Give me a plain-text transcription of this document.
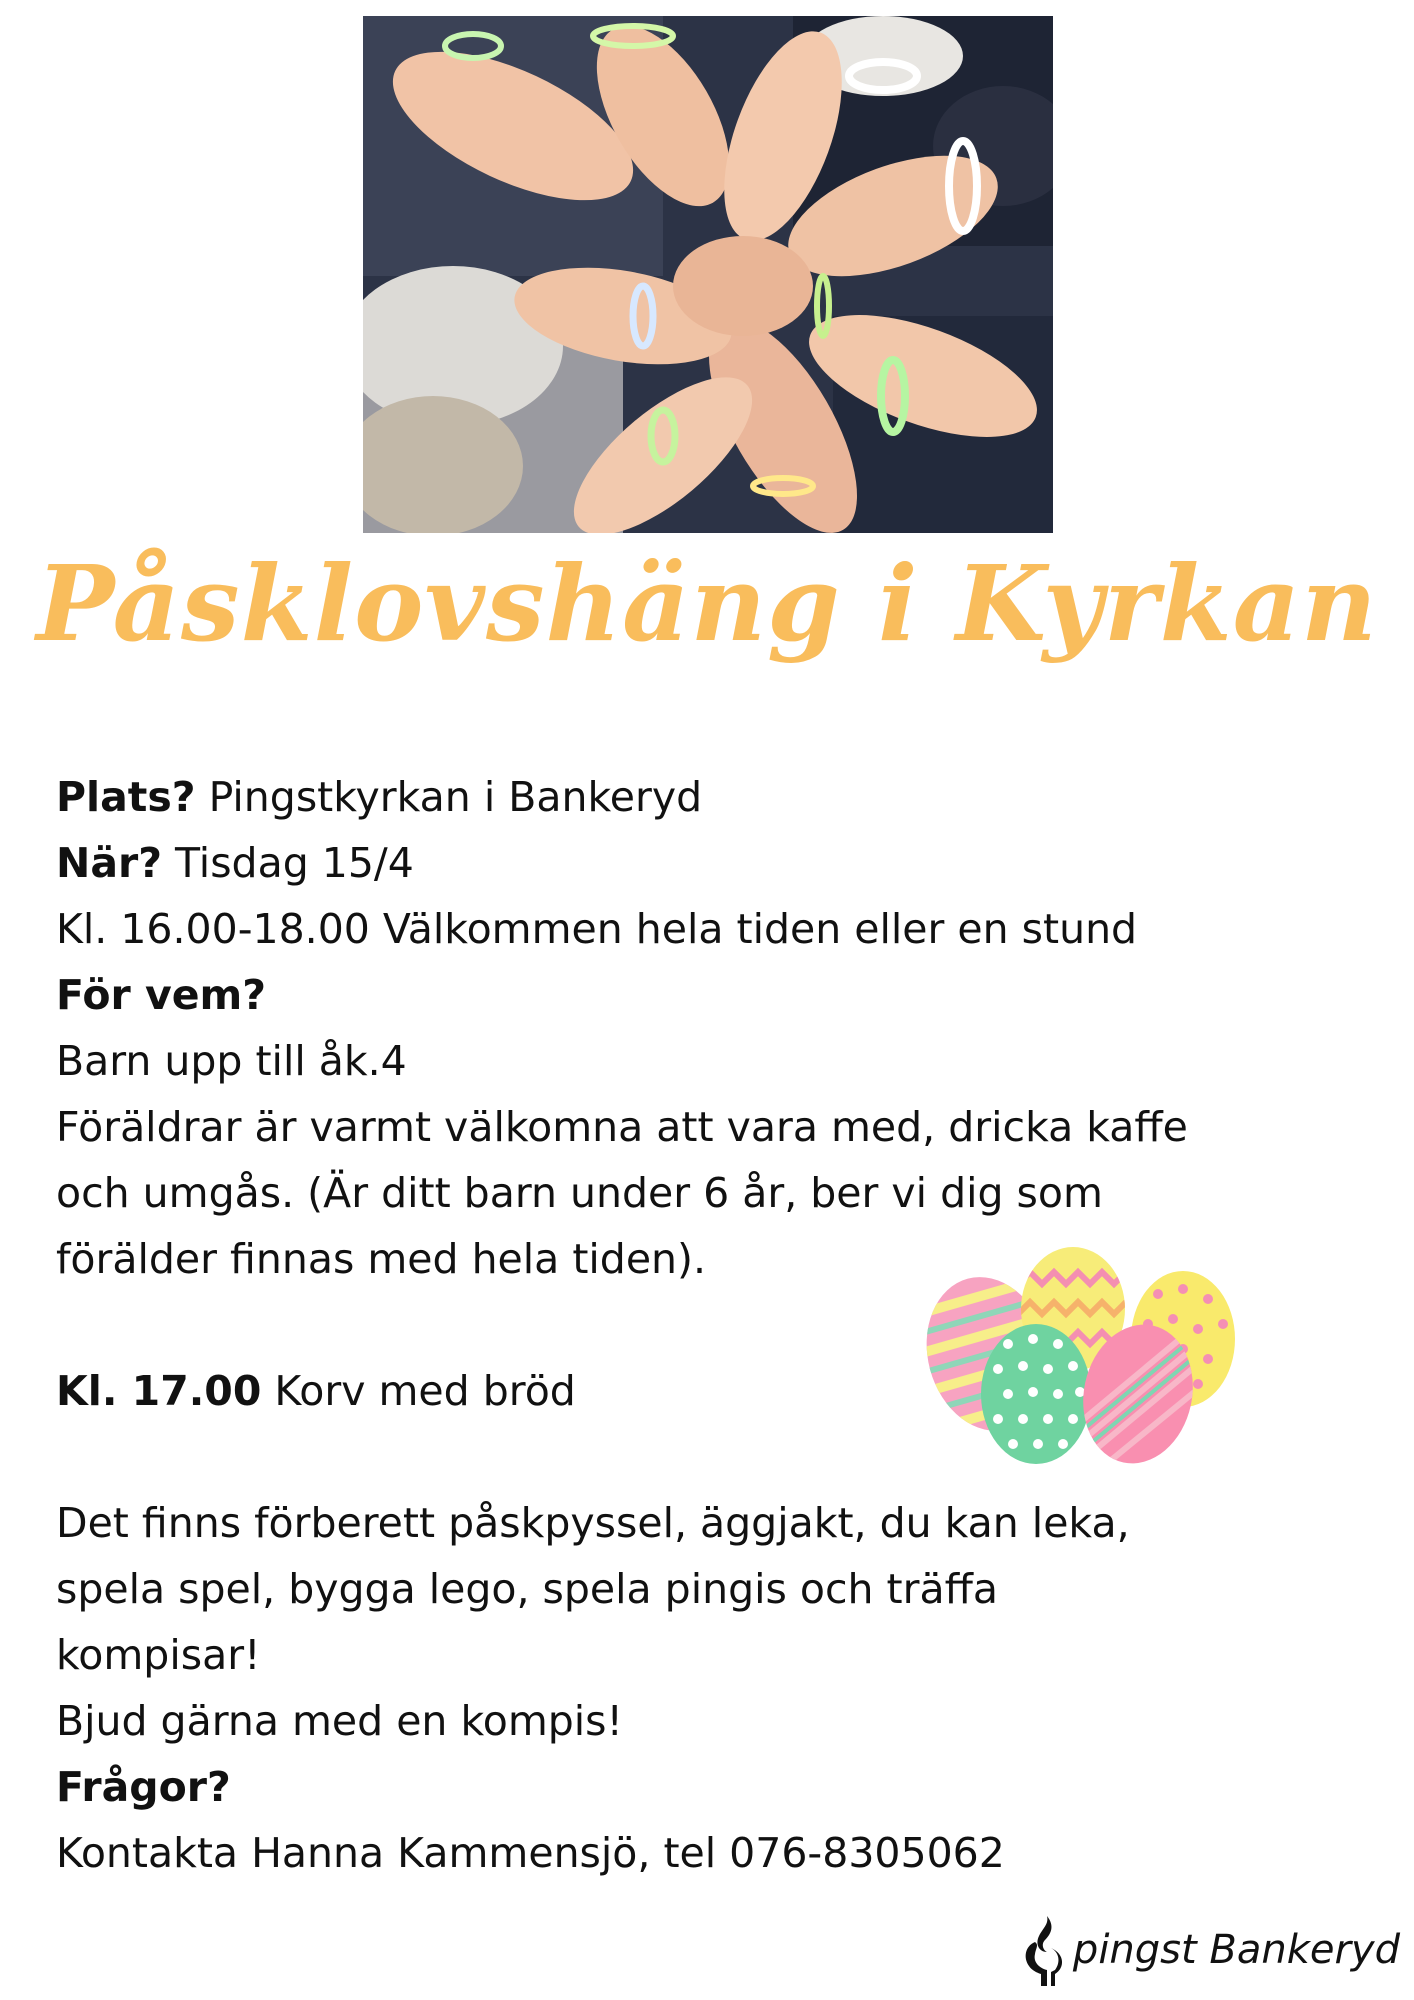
Påsklovshäng i Kyrkan
Plats? Pingstkyrkan i Bankeryd
När? Tisdag 15/4
Kl. 16.00-18.00 Välkommen hela tiden eller en stund
För vem?
Barn upp till åk.4
Föräldrar är varmt välkomna att vara med, dricka kaffe
och umgås. (Är ditt barn under 6 år, ber vi dig som
förälder finnas med hela tiden).
Kl. 17.00 Korv med bröd
Det finns förberett påskpyssel, äggjakt, du kan leka,
spela spel, bygga lego, spela pingis och träffa
kompisar!
Bjud gärna med en kompis!
Frågor?
Kontakta Hanna Kammensjö, tel 076-8305062
pingst Bankeryd
